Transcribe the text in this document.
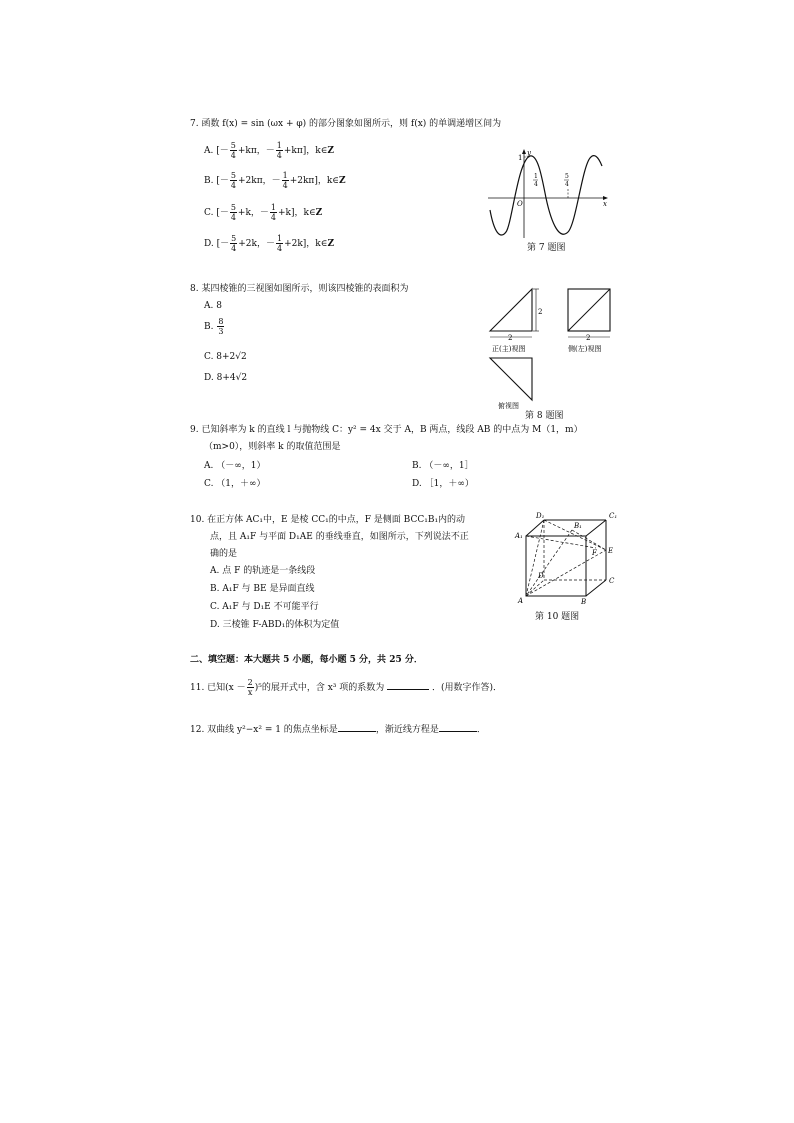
7. 函数 f(x) = sin (ωx + φ) 的部分图象如图所示，则 f(x) 的单调递增区间为
A. [－ $\frac{5}{4} +k\pi$，－ $\frac{1}{4} +k\pi$]，k∈Z
B. [－ $\frac{5}{4} +2k\pi$，－ $\frac{1}{4} +2k\pi$]，k∈Z
C. [－ $\frac{5}{4} +k$，－ $\frac{1}{4} +k$]，k∈Z
D. [－ $\frac{5}{4} +2k$，－ $\frac{1}{4} +2k$]，k∈Z
y
x
O
1
1
4
5
4
第 7 题图
8. 某四棱锥的三视图如图所示，则该四棱锥的表面积为
A. 8
B. $\frac{8}{3}$
C. 8+2√2
D. 8+4√2
2
2
正(主)视图
2
侧(左)视图
俯视图
第 8 题图
9. 已知斜率为 k 的直线 l 与抛物线 C：y² = 4x 交于 A，B 两点，线段 AB 的中点为 M（1，m）
（m>0），则斜率 k 的取值范围是
A. （－∞，1）	B. （－∞，1］
C. （1，＋∞）	D. ［1，＋∞）
10. 在正方体 AC₁中，E 是棱 CC₁的中点，F 是侧面 BCC₁B₁内的动
点，且 A₁F 与平面 D₁AE 的垂线垂直，如图所示，下列说法不正
确的是
A. 点 F 的轨迹是一条线段
B. A₁F 与 BE 是异面直线
C. A₁F 与 D₁E 不可能平行
D. 三棱锥 F-ABD₁的体积为定值
D₁	C₁
B₁
A₁
F E
D
C
A	B
第 10 题图
二、填空题：本大题共 5 小题，每小题 5 分，共 25 分．
11. 已知$(x - \frac{2}{x} )^5$的展开式中，含 x³ 项的系数为	．(用数字作答)．
12. 双曲线 y²−x² = 1 的焦点坐标是	，渐近线方程是	．
